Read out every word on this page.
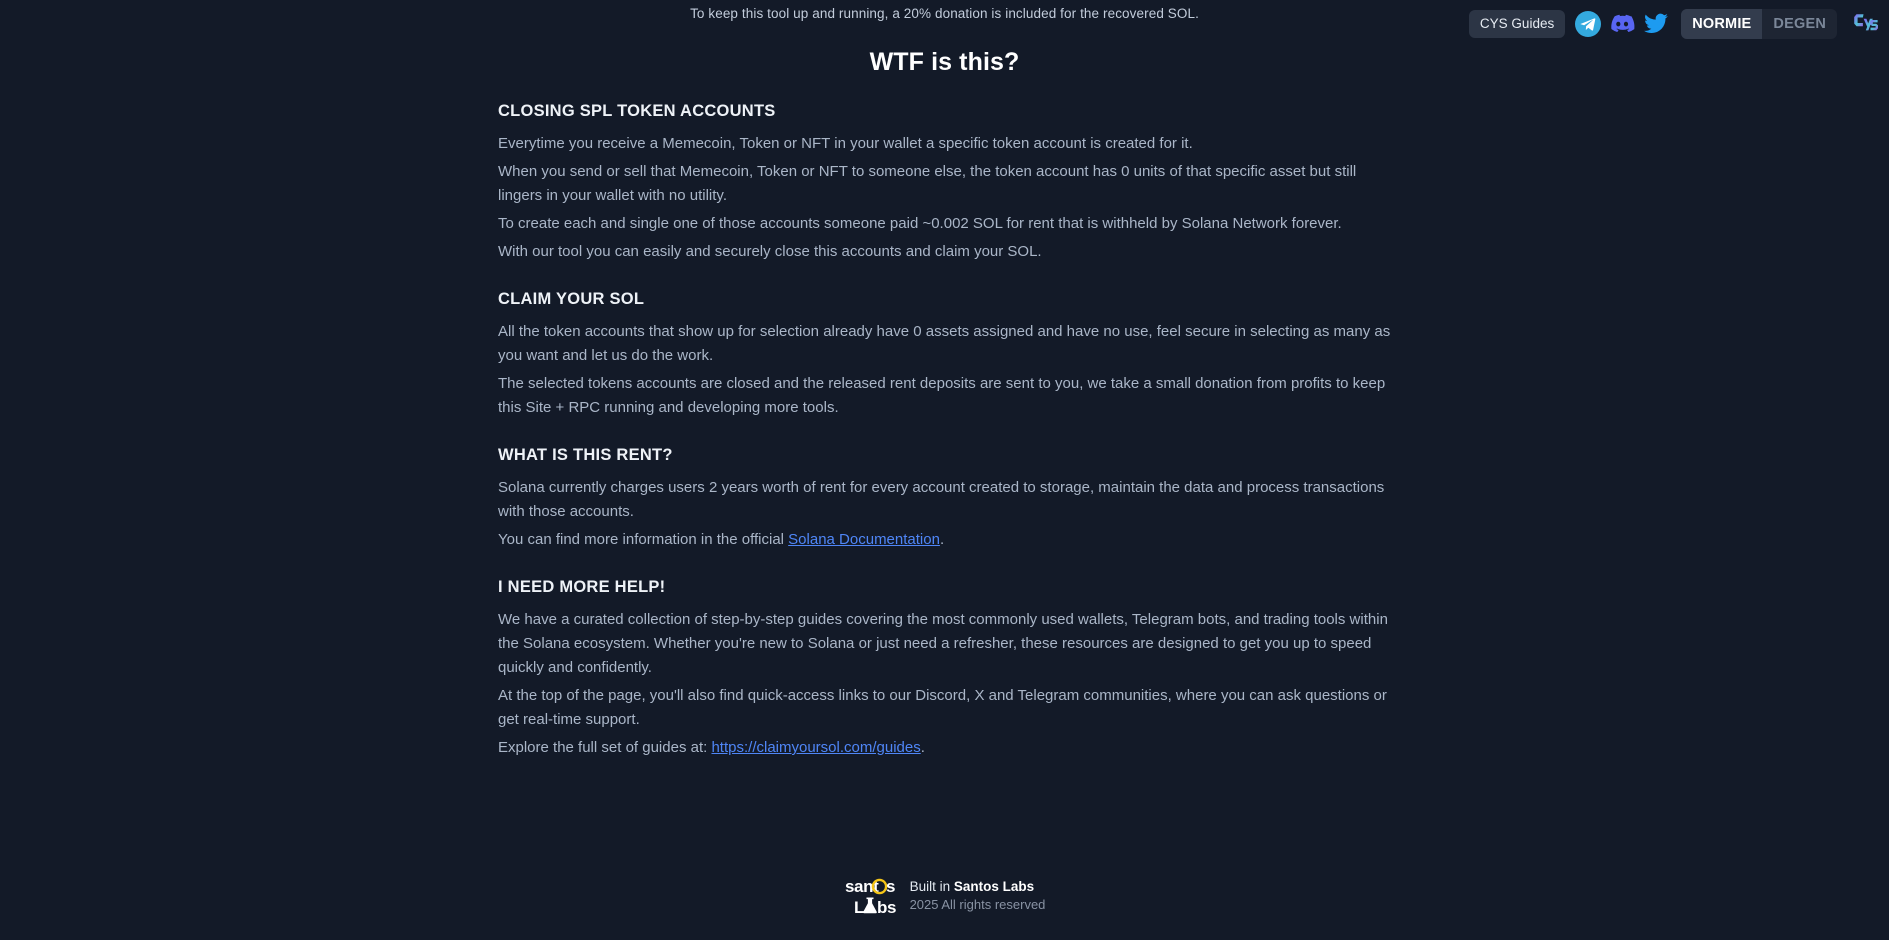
To keep this tool up and running, a 20% donation is included for the recovered SOL.
CYS Guides	NORMIE	DEGEN
WTF is this?
CLOSING SPL TOKEN ACCOUNTS

Everytime you receive a Memecoin, Token or NFT in your wallet a specific token account is created for it.

When you send or sell that Memecoin, Token or NFT to someone else, the token account has 0 units of that specific asset but still lingers in your wallet with no utility.

To create each and single one of those accounts someone paid ~0.002 SOL for rent that is withheld by Solana Network forever.

With our tool you can easily and securely close this accounts and claim your SOL.

CLAIM YOUR SOL

All the token accounts that show up for selection already have 0 assets assigned and have no use, feel secure in selecting as many as you want and let us do the work.

The selected tokens accounts are closed and the released rent deposits are sent to you, we take a small donation from profits to keep this Site + RPC running and developing more tools.

WHAT IS THIS RENT?

Solana currently charges users 2 years worth of rent for every account created to storage, maintain the data and process transactions with those accounts.

You can find more information in the official Solana Documentation.

I NEED MORE HELP!

We have a curated collection of step-by-step guides covering the most commonly used wallets, Telegram bots, and trading tools within the Solana ecosystem. Whether you're new to Solana or just need a refresher, these resources are designed to get you up to speed quickly and confidently.

At the top of the page, you'll also find quick-access links to our Discord, X and Telegram communities, where you can ask questions or get real-time support.

Explore the full set of guides at: https://claimyoursol.com/guides.

sant s
L bs
Built in Santos Labs
2025 All rights reserved
